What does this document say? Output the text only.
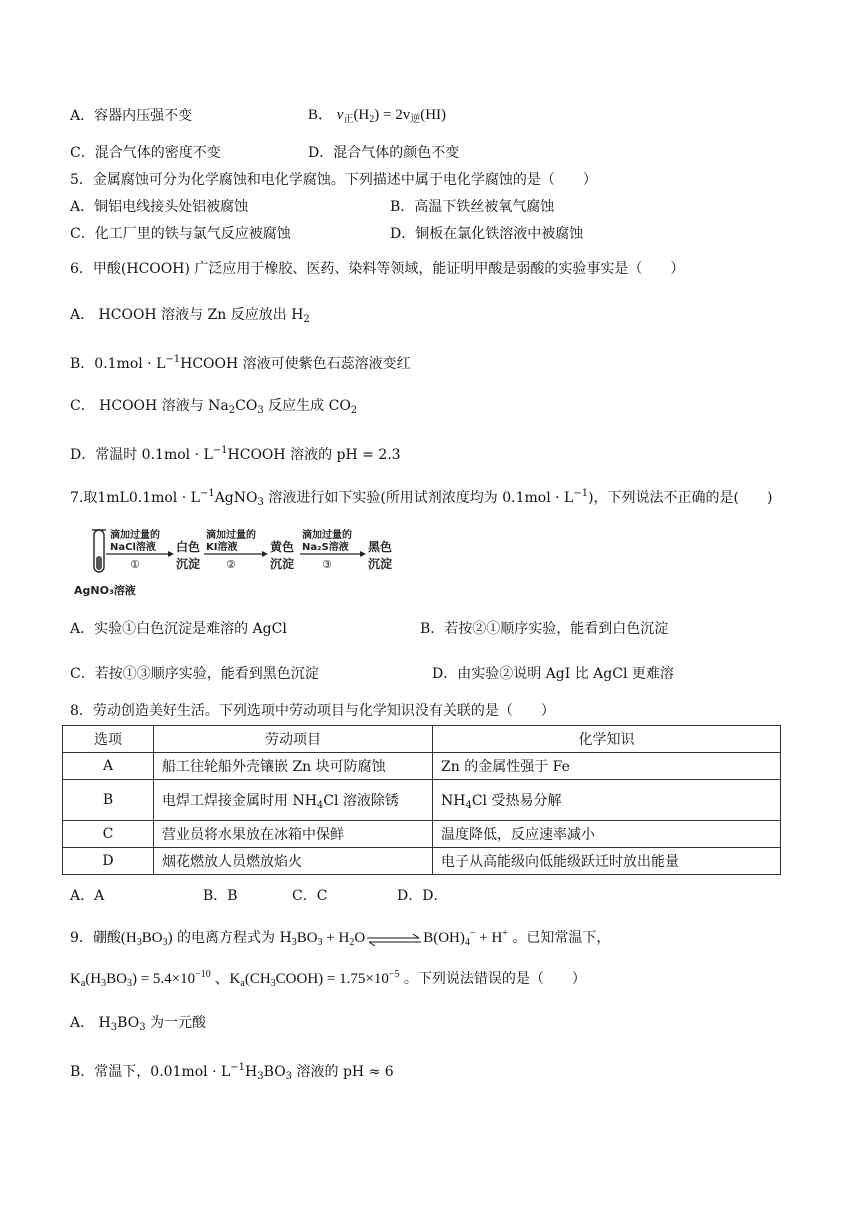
A．容器内压强不变	B． $v_正(H_2) = 2v_逆(HI)$
C．混合气体的密度不变	D．混合气体的颜色不变
5．金属腐蚀可分为化学腐蚀和电化学腐蚀。下列描述中属于电化学腐蚀的是（　　）
A．铜铝电线接头处铝被腐蚀	B．高温下铁丝被氧气腐蚀
C．化工厂里的铁与氯气反应被腐蚀	D．铜板在氯化铁溶液中被腐蚀
6．甲酸(HCOOH) 广泛应用于橡胶、医药、染料等领域，能证明甲酸是弱酸的实验事实是（　　）
A． HCOOH 溶液与 Zn 反应放出 $H_2$
B．$0.1mol \cdot L^{-1}HCOOH$ 溶液可使紫色石蕊溶液变红
C． HCOOH 溶液与 $Na_2CO_3$ 反应生成 $CO_2$
D．常温时 $0.1mol \cdot L^{-1}HCOOH$ 溶液的 pH = 2.3
7.取$1mL0.1mol \cdot L^{-1}AgNO_3$ 溶液进行如下实验(所用试剂浓度均为 $0.1mol \cdot L^{-1}$)，下列说法不正确的是(　　)
AgNO₃溶液
滴加过量的
NaCl溶液
①
白色
沉淀
滴加过量的
KI溶液
②
黄色
沉淀
滴加过量的
Na₂S溶液
③
黑色
沉淀
A．实验①白色沉淀是难溶的 AgCl	B．若按②①顺序实验，能看到白色沉淀
C．若按①③顺序实验，能看到黑色沉淀	D．由实验②说明 AgI 比 AgCl 更难溶
8．劳动创造美好生活。下列选项中劳动项目与化学知识没有关联的是（　　）
选项	劳动项目	化学知识
A	船工往轮船外壳镶嵌 Zn 块可防腐蚀	Zn 的金属性强于 Fe
B	电焊工焊接金属时用 $NH_4Cl$ 溶液除锈	$NH_4Cl$ 受热易分解
C	营业员将水果放在冰箱中保鲜	温度降低，反应速率减小
D	烟花燃放人员燃放焰火	电子从高能级向低能级跃迁时放出能量
A．A	B．B	C．C	D．D．
9．硼酸$(H_3BO_3)$ 的电离方程式为 $H_3BO_3 + H_2O$	$B(OH)_4^- + H^+$ 。已知常温下，
$K_a(H_3BO_3) = 5.4\times 10^{-10}$ 、$K_a(CH_3COOH) = 1.75\times 10^{-5}$ 。下列说法错误的是（　　）
A． $H_3BO_3$ 为一元酸
B．常温下，$0.01mol \cdot L^{-1}H_3BO_3$ 溶液的 pH ≈ 6
